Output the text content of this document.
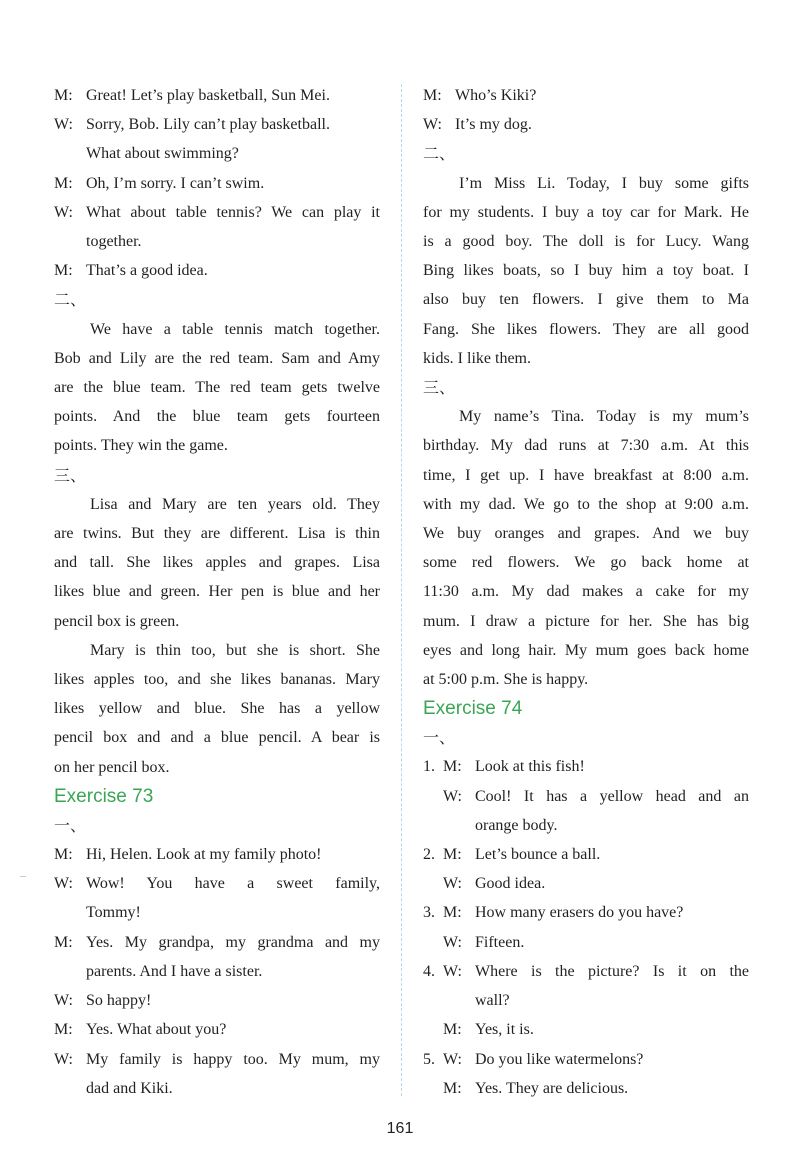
M: Great! Let’s play basketball, Sun Mei.
W: Sorry, Bob. Lily can’t play basketball.
What about swimming?
M: Oh, I’m sorry. I can’t swim.
W: What about table tennis? We can play it
together.
M: That’s a good idea.
二、
We have a table tennis match together.
Bob and Lily are the red team. Sam and Amy
are the blue team. The red team gets twelve
points. And the blue team gets fourteen
points. They win the game.
三、
Lisa and Mary are ten years old. They
are twins. But they are different. Lisa is thin
and tall. She likes apples and grapes. Lisa
likes blue and green. Her pen is blue and her
pencil box is green.
Mary is thin too, but she is short. She
likes apples too, and she likes bananas. Mary
likes yellow and blue. She has a yellow
pencil box and and a blue pencil. A bear is
on her pencil box.
Exercise 73
一、
M: Hi, Helen. Look at my family photo!
W: Wow! You have a sweet family,
Tommy!
M: Yes. My grandpa, my grandma and my
parents. And I have a sister.
W: So happy!
M: Yes. What about you?
W: My family is happy too. My mum, my
dad and Kiki.
M: Who’s Kiki?
W: It’s my dog.
二、
I’m Miss Li. Today, I buy some gifts
for my students. I buy a toy car for Mark. He
is a good boy. The doll is for Lucy. Wang
Bing likes boats, so I buy him a toy boat. I
also buy ten flowers. I give them to Ma
Fang. She likes flowers. They are all good
kids. I like them.
三、
My name’s Tina. Today is my mum’s
birthday. My dad runs at 7:30 a.m. At this
time, I get up. I have breakfast at 8:00 a.m.
with my dad. We go to the shop at 9:00 a.m.
We buy oranges and grapes. And we buy
some red flowers. We go back home at
11:30 a.m. My dad makes a cake for my
mum. I draw a picture for her. She has big
eyes and long hair. My mum goes back home
at 5:00 p.m. She is happy.
Exercise 74
一、
1. M: Look at this fish!
W: Cool! It has a yellow head and an
orange body.
2. M: Let’s bounce a ball.
W: Good idea.
3. M: How many erasers do you have?
W: Fifteen.
4. W: Where is the picture? Is it on the
wall?
M: Yes, it is.
5. W: Do you like watermelons?
M: Yes. They are delicious.
161
